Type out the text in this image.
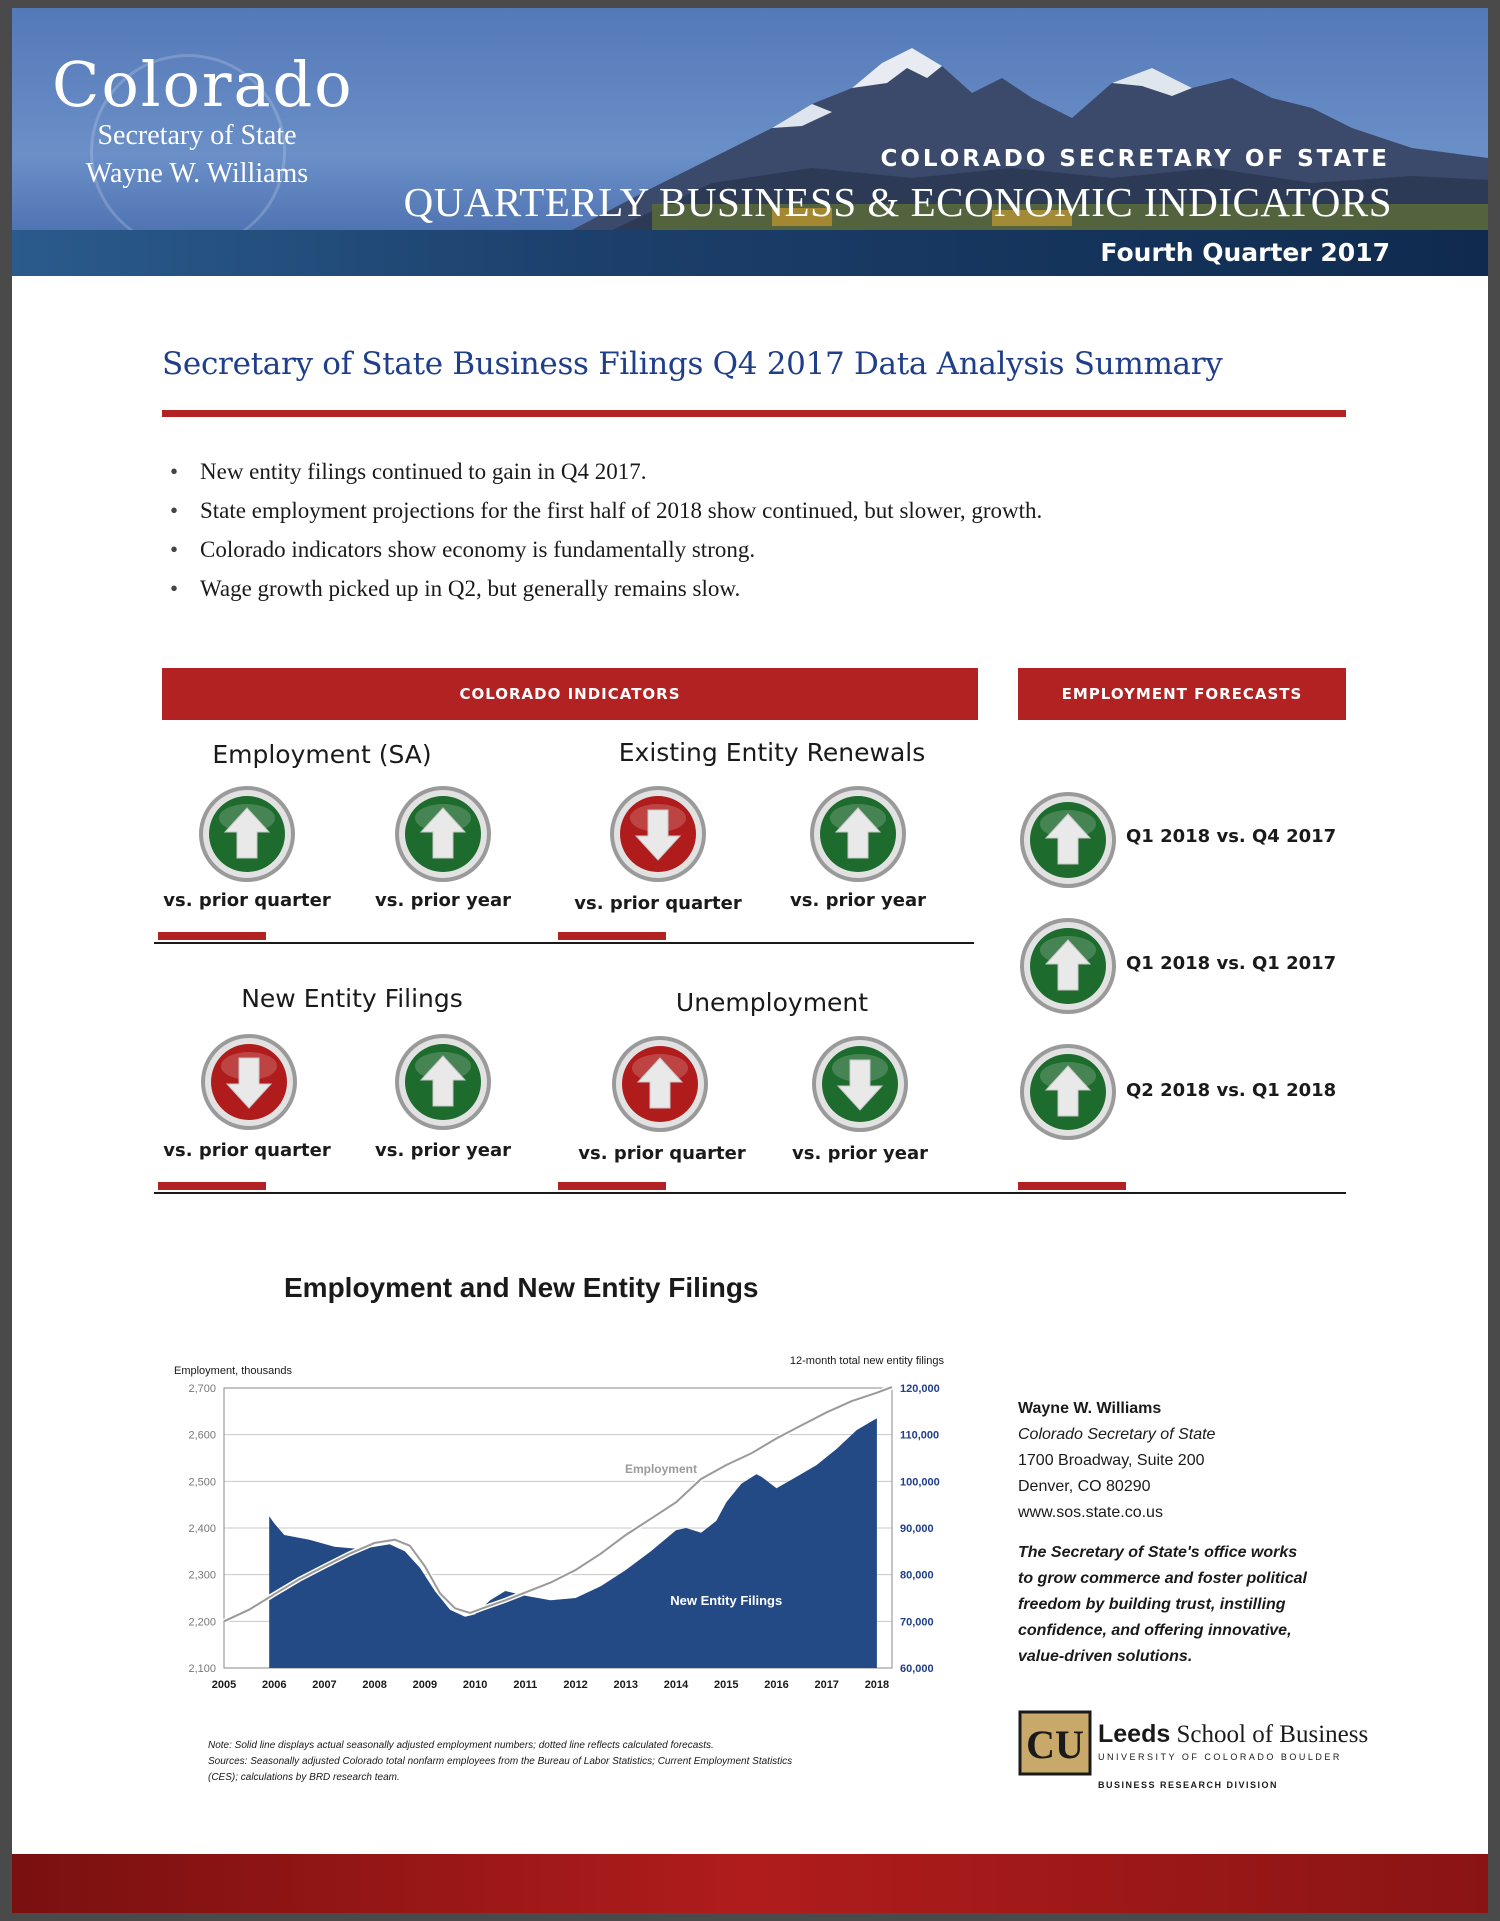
Colorado
Secretary of State
Wayne W. Williams	COLORADO SECRETARY OF STATE
QUARTERLY BUSINESS & ECONOMIC INDICATORS
Fourth Quarter 2017
Secretary of State Business Filings Q4 2017 Data Analysis Summary
• New entity filings continued to gain in Q4 2017.
• State employment projections for the first half of 2018 show continued, but slower, growth.
• Colorado indicators show economy is fundamentally strong.
• Wage growth picked up in Q2, but generally remains slow.
COLORADO INDICATORS	EMPLOYMENT FORECASTS
Employment (SA)
vs. prior quarter	vs. prior year
Existing Entity Renewals
vs. prior quarter	vs. prior year
New Entity Filings
vs. prior quarter	vs. prior year
Unemployment
vs. prior quarter	vs. prior year
Q1 2018 vs. Q4 2017
Q1 2018 vs. Q1 2017
Q2 2018 vs. Q1 2018
Employment and New Entity Filings
2,700	120,000
2,600	110,000
2,500	100,000
2,400	90,000
2,300	80,000
2,200	70,000
2,100	60,000
2005 2006 2007 2008 2009 2010 2011 2012 2013 2014 2015 2016 2017 2018
Employment, thousands
12-month total new entity filings
Employment
New Entity Filings
Note: Solid line displays actual seasonally adjusted employment numbers; dotted line reflects calculated forecasts.
Sources: Seasonally adjusted Colorado total nonfarm employees from the Bureau of Labor Statistics; Current Employment Statistics
(CES); calculations by BRD research team.
Wayne W. Williams
Colorado Secretary of State
1700 Broadway, Suite 200
Denver, CO 80290
www.sos.state.co.us
The Secretary of State's office works
to grow commerce and foster political
freedom by building trust, instilling
confidence, and offering innovative,
value-driven solutions.
CU Leeds School of Business
UNIVERSITY OF COLORADO BOULDER
BUSINESS RESEARCH DIVISION
